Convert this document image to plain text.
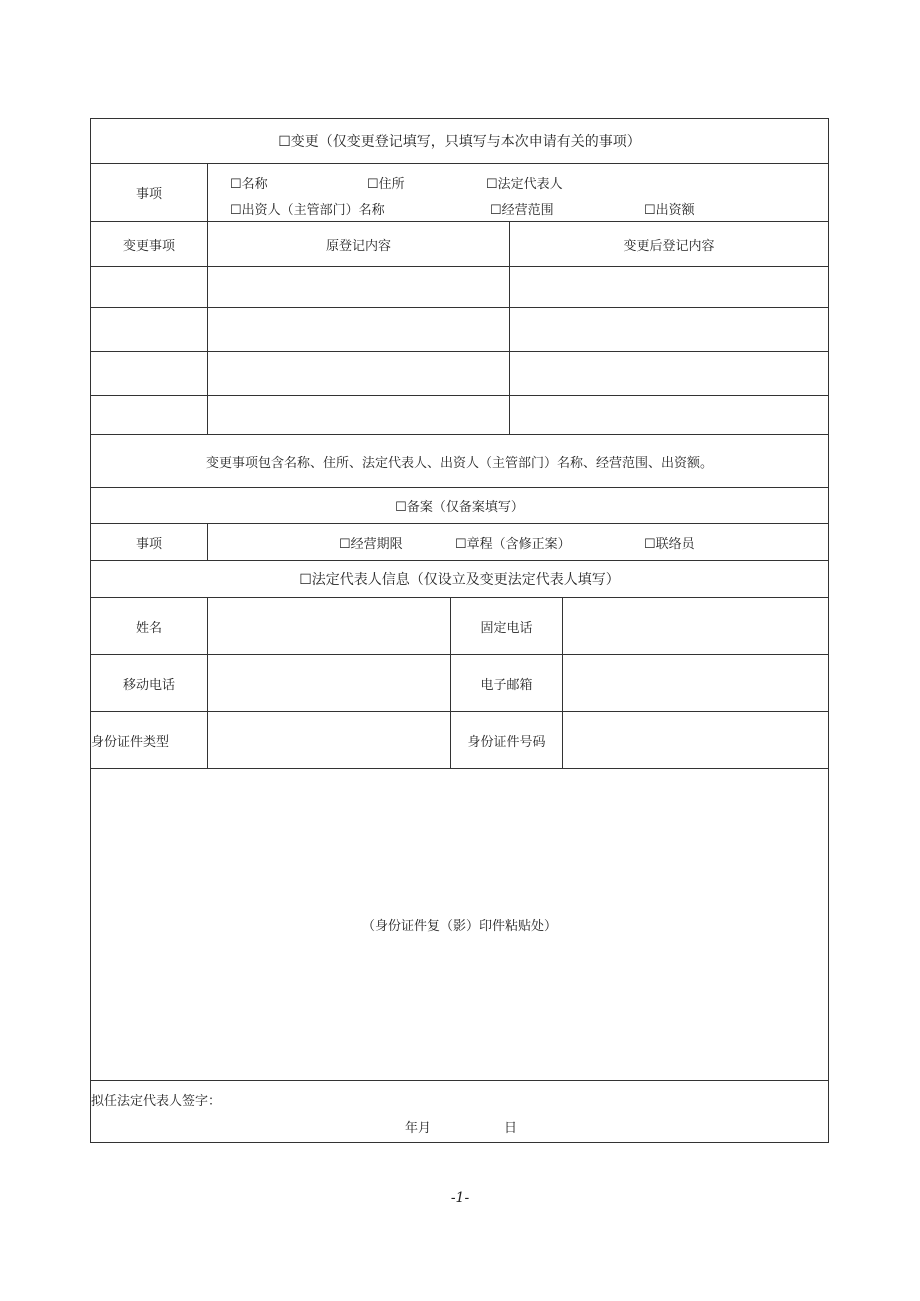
☐变更（仅变更登记填写，只填写与本次申请有关的事项）
事项
☐名称	☐住所	☐法定代表人
☐出资人（主管部门）名称	☐经营范围	☐出资额
变更事项	原登记内容	变更后登记内容
变更事项包含名称、住所、法定代表人、出资人（主管部门）名称、经营范围、出资额。
☐备案（仅备案填写）
事项	☐经营期限	☐章程（含修正案）	☐联络员
☐法定代表人信息（仅设立及变更法定代表人填写）
姓名	固定电话
移动电话	电子邮箱
身份证件类型	身份证件号码
（身份证件复（影）印件粘贴处）
拟任法定代表人签字：
年月	日
-1-
